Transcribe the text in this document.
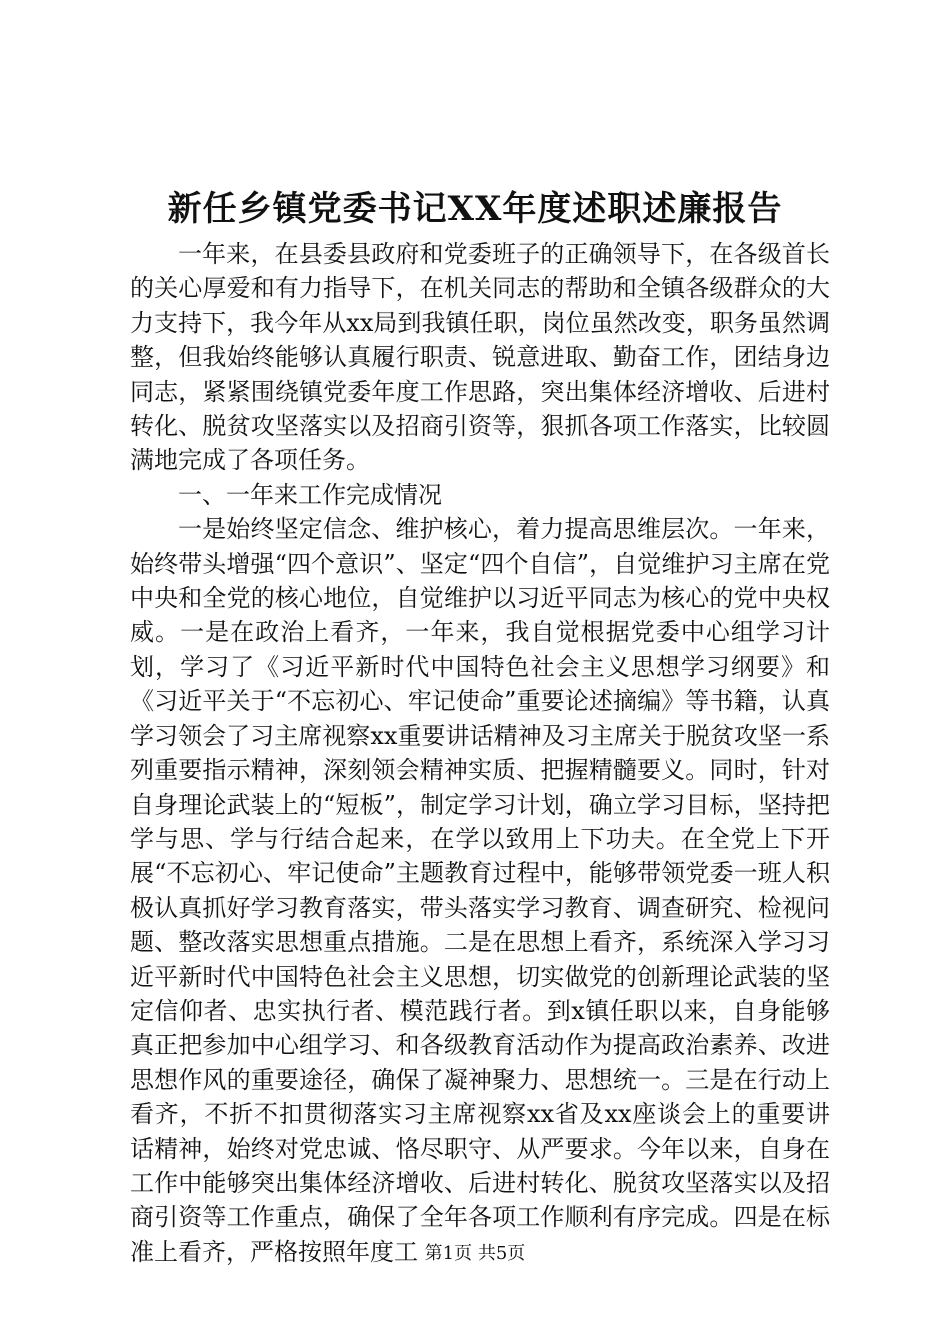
新任乡镇党委书记XX年度述职述廉报告

一年来，在县委县政府和党委班子的正确领导下，在各级首长的关心厚爱和有力指导下，在机关同志的帮助和全镇各级群众的大力支持下，我今年从xx局到我镇任职，岗位虽然改变，职务虽然调整，但我始终能够认真履行职责、锐意进取、勤奋工作，团结身边同志，紧紧围绕镇党委年度工作思路，突出集体经济增收、后进村转化、脱贫攻坚落实以及招商引资等，狠抓各项工作落实，比较圆满地完成了各项任务。

一、一年来工作完成情况

一是始终坚定信念、维护核心，着力提高思维层次。一年来，始终带头增强“四个意识”、坚定“四个自信”，自觉维护习主席在党中央和全党的核心地位，自觉维护以习近平同志为核心的党中央权威。一是在政治上看齐，一年来，我自觉根据党委中心组学习计划，学习了《习近平新时代中国特色社会主义思想学习纲要》和《习近平关于“不忘初心、牢记使命”重要论述摘编》等书籍，认真学习领会了习主席视察xx重要讲话精神及习主席关于脱贫攻坚一系列重要指示精神，深刻领会精神实质、把握精髓要义。同时，针对自身理论武装上的“短板”，制定学习计划，确立学习目标，坚持把学与思、学与行结合起来，在学以致用上下功夫。在全党上下开展“不忘初心、牢记使命”主题教育过程中，能够带领党委一班人积极认真抓好学习教育落实，带头落实学习教育、调查研究、检视问题、整改落实思想重点措施。二是在思想上看齐，系统深入学习习近平新时代中国特色社会主义思想，切实做党的创新理论武装的坚定信仰者、忠实执行者、模范践行者。到x镇任职以来，自身能够真正把参加中心组学习、和各级教育活动作为提高政治素养、改进思想作风的重要途径，确保了凝神聚力、思想统一。三是在行动上看齐，不折不扣贯彻落实习主席视察xx省及xx座谈会上的重要讲话精神，始终对党忠诚、恪尽职守、从严要求。今年以来，自身在工作中能够突出集体经济增收、后进村转化、脱贫攻坚落实以及招商引资等工作重点，确保了全年各项工作顺利有序完成。四是在标准上看齐，严格按照年度工 第1页 共5页
